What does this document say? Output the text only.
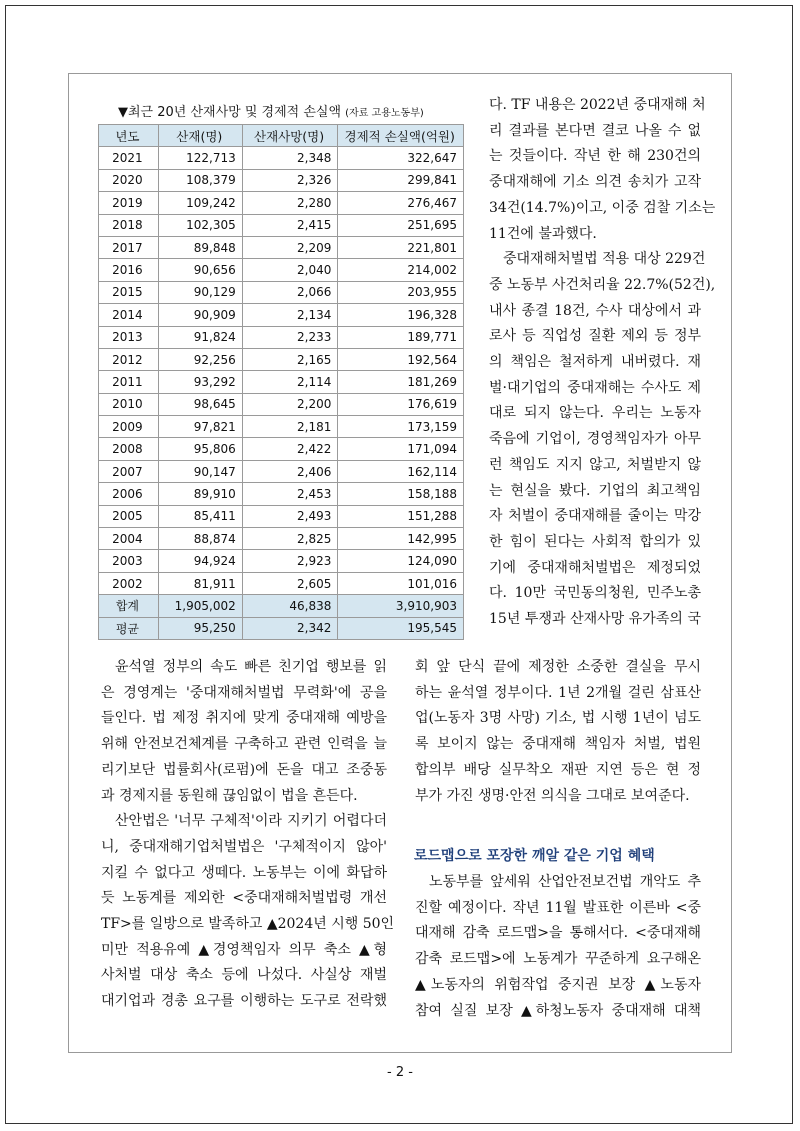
▼최근 20년 산재사망 및 경제적 손실액 (자료 고용노동부)
년도	산재(명)	산재사망(명)	경제적 손실액(억원)
2021	122,713	2,348	322,647
2020	108,379	2,326	299,841
2019	109,242	2,280	276,467
2018	102,305	2,415	251,695
2017	89,848	2,209	221,801
2016	90,656	2,040	214,002
2015	90,129	2,066	203,955
2014	90,909	2,134	196,328
2013	91,824	2,233	189,771
2012	92,256	2,165	192,564
2011	93,292	2,114	181,269
2010	98,645	2,200	176,619
2009	97,821	2,181	173,159
2008	95,806	2,422	171,094
2007	90,147	2,406	162,114
2006	89,910	2,453	158,188
2005	85,411	2,493	151,288
2004	88,874	2,825	142,995
2003	94,924	2,923	124,090
2002	81,911	2,605	101,016
합계	1,905,002	46,838	3,910,903
평균	95,250	2,342	195,545

다. TF 내용은 2022년 중대재해 처

리 결과를 본다면 결코 나올 수 없

는 것들이다. 작년 한 해 230건의

중대재해에 기소 의견 송치가 고작

34건(14.7%)이고, 이중 검찰 기소는

11건에 불과했다.

중대재해처벌법 적용 대상 229건

중 노동부 사건처리율 22.7%(52건),

내사 종결 18건, 수사 대상에서 과

로사 등 직업성 질환 제외 등 정부

의 책임은 철저하게 내버렸다. 재

벌·대기업의 중대재해는 수사도 제

대로 되지 않는다. 우리는 노동자

죽음에 기업이, 경영책임자가 아무

런 책임도 지지 않고, 처벌받지 않

는 현실을 봤다. 기업의 최고책임

자 처벌이 중대재해를 줄이는 막강

한 힘이 된다는 사회적 합의가 있

기에 중대재해처벌법은 제정되었

다. 10만 국민동의청원, 민주노총

15년 투쟁과 산재사망 유가족의 국

회 앞 단식 끝에 제정한 소중한 결실을 무시

하는 윤석열 정부이다. 1년 2개월 걸린 삼표산

업(노동자 3명 사망) 기소, 법 시행 1년이 넘도

록 보이지 않는 중대재해 책임자 처벌, 법원

합의부 배당 실무착오 재판 지연 등은 현 정

부가 가진 생명·안전 의식을 그대로 보여준다.

윤석열 정부의 속도 빠른 친기업 행보를 읽

은 경영계는 '중대재해처벌법 무력화'에 공을

들인다. 법 제정 취지에 맞게 중대재해 예방을

위해 안전보건체계를 구축하고 관련 인력을 늘

리기보단 법률회사(로펌)에 돈을 대고 조중동

과 경제지를 동원해 끊임없이 법을 흔든다.

산안법은 '너무 구체적'이라 지키기 어렵다더

니, 중대재해기업처벌법은 '구체적이지 않아'

지킬 수 없다고 생떼다. 노동부는 이에 화답하

듯 노동계를 제외한 <중대재해처벌법령 개선

TF>를 일방으로 발족하고 ▲2024년 시행 50인

미만 적용유예 ▲경영책임자 의무 축소 ▲형

사처벌 대상 축소 등에 나섰다. 사실상 재벌

대기업과 경총 요구를 이행하는 도구로 전락했

로드맵으로 포장한 깨알 같은 기업 혜택

노동부를 앞세워 산업안전보건법 개악도 추

진할 예정이다. 작년 11월 발표한 이른바 <중

대재해 감축 로드맵>을 통해서다. <중대재해

감축 로드맵>에 노동계가 꾸준하게 요구해온

▲노동자의 위험작업 중지권 보장 ▲노동자

참여 실질 보장 ▲하청노동자 중대재해 대책

- 2 -
